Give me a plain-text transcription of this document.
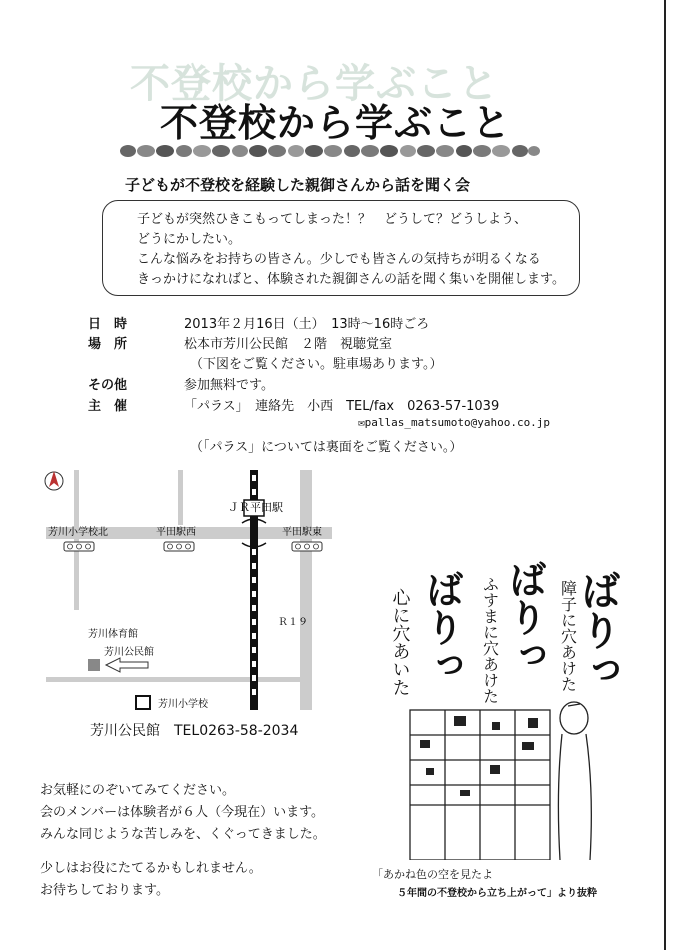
不登校から学ぶこと
不登校から学ぶこと
子どもが不登校を経験した親御さんから話を聞く会
子どもが突然ひきこもってしまった！？　どうして？どうしよう、
どうにかしたい。
こんな悩みをお持ちの皆さん。少しでも皆さんの気持ちが明るくなる
きっかけになればと、体験された親御さんの話を聞く集いを開催します。
日　時	2013年２月16日（土）　13時～16時ごろ
場　所	松本市芳川公民館　２階　視聴覚室
（下図をご覧ください。駐車場あります。）
その他	参加無料です。
主　催	「パラス」　連絡先　小西　TEL/fax　0263-57-1039
✉pallas_matsumoto@yahoo.co.jp
（「パラス」については裏面をご覧ください。）
ＪＲ平田駅
芳川小学校北	平田駅西	平田駅東
Ｒ１９
芳川体育館
芳川公民館
芳川小学校
芳川公民館　TEL0263-58-2034
お気軽にのぞいてみてください。
会のメンバーは体験者が６人（今現在）います。
みんな同じような苦しみを、くぐってきました。
少しはお役にたてるかもしれません。
お待ちしております。
ばりっ
障子に穴あけた
ばりっ
ふすまに穴あけた
ばりっ
心に穴あいた
「あかね色の空を見たよ
５年間の不登校から立ち上がって」より抜粋
